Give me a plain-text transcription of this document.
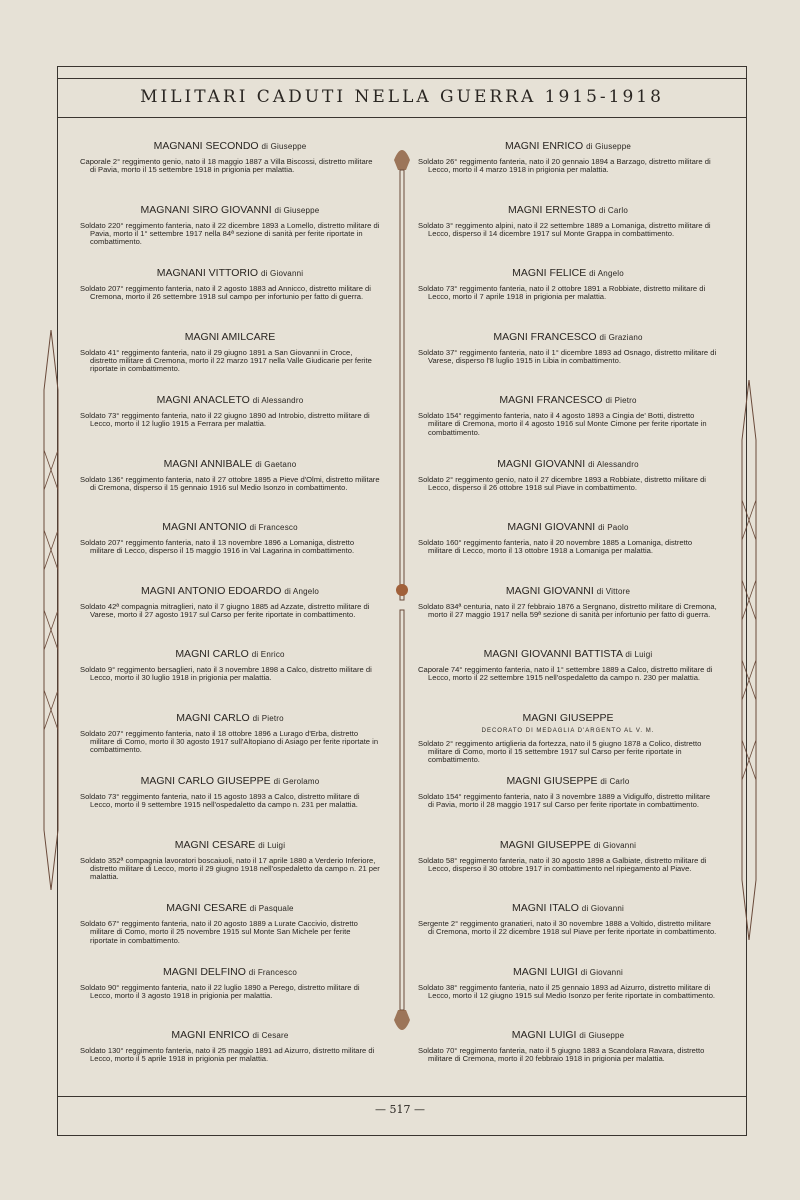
MILITARI CADUTI NELLA GUERRA 1915-1918
MAGNANI SECONDO di Giuseppe
Caporale 2° reggimento genio, nato il 18 maggio 1887 a Villa Biscossi, distretto militare di Pavia, morto il 15 settembre 1918 in prigionia per malattia.
MAGNANI SIRO GIOVANNI di Giuseppe
Soldato 220° reggimento fanteria, nato il 22 dicembre 1893 a Lomello, distretto militare di Pavia, morto il 1° settembre 1917 nella 84ª sezione di sanità per ferite riportate in combattimento.
MAGNANI VITTORIO di Giovanni
Soldato 207° reggimento fanteria, nato il 2 agosto 1883 ad Annicco, distretto militare di Cremona, morto il 26 settembre 1918 sul campo per infortunio per fatto di guerra.
MAGNI AMILCARE
Soldato 41° reggimento fanteria, nato il 29 giugno 1891 a San Giovanni in Croce, distretto militare di Cremona, morto il 22 marzo 1917 nella Valle Giudicarie per ferite riportate in combattimento.
MAGNI ANACLETO di Alessandro
Soldato 73° reggimento fanteria, nato il 22 giugno 1890 ad Introbio, distretto militare di Lecco, morto il 12 luglio 1915 a Ferrara per malattia.
MAGNI ANNIBALE di Gaetano
Soldato 136° reggimento fanteria, nato il 27 ottobre 1895 a Pieve d'Olmi, distretto militare di Cremona, disperso il 15 gennaio 1916 sul Medio Isonzo in combattimento.
MAGNI ANTONIO di Francesco
Soldato 207° reggimento fanteria, nato il 13 novembre 1896 a Lomaniga, distretto militare di Lecco, disperso il 15 maggio 1916 in Val Lagarina in combattimento.
MAGNI ANTONIO EDOARDO di Angelo
Soldato 42ª compagnia mitraglieri, nato il 7 giugno 1885 ad Azzate, distretto militare di Varese, morto il 27 agosto 1917 sul Carso per ferite riportate in combattimento.
MAGNI CARLO di Enrico
Soldato 9° reggimento bersaglieri, nato il 3 novembre 1898 a Calco, distretto militare di Lecco, morto il 30 luglio 1918 in prigionia per malattia.
MAGNI CARLO di Pietro
Soldato 207° reggimento fanteria, nato il 18 ottobre 1896 a Lurago d'Erba, distretto militare di Como, morto il 30 agosto 1917 sull'Altopiano di Asiago per ferite riportate in combattimento.
MAGNI CARLO GIUSEPPE di Gerolamo
Soldato 73° reggimento fanteria, nato il 15 agosto 1893 a Calco, distretto militare di Lecco, morto il 9 settembre 1915 nell'ospedaletto da campo n. 231 per malattia.
MAGNI CESARE di Luigi
Soldato 352ª compagnia lavoratori boscaiuoli, nato il 17 aprile 1880 a Verderio Inferiore, distretto militare di Lecco, morto il 29 giugno 1918 nell'ospedaletto da campo n. 21 per malattia.
MAGNI CESARE di Pasquale
Soldato 67° reggimento fanteria, nato il 20 agosto 1889 a Lurate Caccivio, distretto militare di Como, morto il 25 novembre 1915 sul Monte San Michele per ferite riportate in combattimento.
MAGNI DELFINO di Francesco
Soldato 90° reggimento fanteria, nato il 22 luglio 1890 a Perego, distretto militare di Lecco, morto il 3 agosto 1918 in prigionia per malattia.
MAGNI ENRICO di Cesare
Soldato 130° reggimento fanteria, nato il 25 maggio 1891 ad Aizurro, distretto militare di Lecco, morto il 5 aprile 1918 in prigionia per malattia.
MAGNI ENRICO di Giuseppe
Soldato 26° reggimento fanteria, nato il 20 gennaio 1894 a Barzago, distretto militare di Lecco, morto il 4 marzo 1918 in prigionia per malattia.
MAGNI ERNESTO di Carlo
Soldato 3° reggimento alpini, nato il 22 settembre 1889 a Lomaniga, distretto militare di Lecco, disperso il 14 dicembre 1917 sul Monte Grappa in combattimento.
MAGNI FELICE di Angelo
Soldato 73° reggimento fanteria, nato il 2 ottobre 1891 a Robbiate, distretto militare di Lecco, morto il 7 aprile 1918 in prigionia per malattia.
MAGNI FRANCESCO di Graziano
Soldato 37° reggimento fanteria, nato il 1° dicembre 1893 ad Osnago, distretto militare di Varese, disperso l'8 luglio 1915 in Libia in combattimento.
MAGNI FRANCESCO di Pietro
Soldato 154° reggimento fanteria, nato il 4 agosto 1893 a Cingia de' Botti, distretto militare di Cremona, morto il 4 agosto 1916 sul Monte Cimone per ferite riportate in combattimento.
MAGNI GIOVANNI di Alessandro
Soldato 2° reggimento genio, nato il 27 dicembre 1893 a Robbiate, distretto militare di Lecco, disperso il 26 ottobre 1918 sul Piave in combattimento.
MAGNI GIOVANNI di Paolo
Soldato 160° reggimento fanteria, nato il 20 novembre 1885 a Lomaniga, distretto militare di Lecco, morto il 13 ottobre 1918 a Lomaniga per malattia.
MAGNI GIOVANNI di Vittore
Soldato 834ª centuria, nato il 27 febbraio 1876 a Sergnano, distretto militare di Cremona, morto il 27 maggio 1917 nella 59ª sezione di sanità per infortunio per fatto di guerra.
MAGNI GIOVANNI BATTISTA di Luigi
Caporale 74° reggimento fanteria, nato il 1° settembre 1889 a Calco, distretto militare di Lecco, morto il 22 settembre 1915 nell'ospedaletto da campo n. 230 per malattia.
MAGNI GIUSEPPE
DECORATO DI MEDAGLIA D'ARGENTO AL V. M.
Soldato 2° reggimento artiglieria da fortezza, nato il 5 giugno 1878 a Colico, distretto militare di Como, morto il 15 settembre 1917 sul Carso per ferite riportate in combattimento.
MAGNI GIUSEPPE di Carlo
Soldato 154° reggimento fanteria, nato il 3 novembre 1889 a Vidigulfo, distretto militare di Pavia, morto il 28 maggio 1917 sul Carso per ferite riportate in combattimento.
MAGNI GIUSEPPE di Giovanni
Soldato 58° reggimento fanteria, nato il 30 agosto 1898 a Galbiate, distretto militare di Lecco, disperso il 30 ottobre 1917 in combattimento nel ripiegamento al Piave.
MAGNI ITALO di Giovanni
Sergente 2° reggimento granatieri, nato il 30 novembre 1888 a Voltido, distretto militare di Cremona, morto il 22 dicembre 1918 sul Piave per ferite riportate in combattimento.
MAGNI LUIGI di Giovanni
Soldato 38° reggimento fanteria, nato il 25 gennaio 1893 ad Aizurro, distretto militare di Lecco, morto il 12 giugno 1915 sul Medio Isonzo per ferite riportate in combattimento.
MAGNI LUIGI di Giuseppe
Soldato 70° reggimento fanteria, nato il 5 giugno 1883 a Scandolara Ravara, distretto militare di Cremona, morto il 20 febbraio 1918 in prigionia per malattia.
— 517 —
